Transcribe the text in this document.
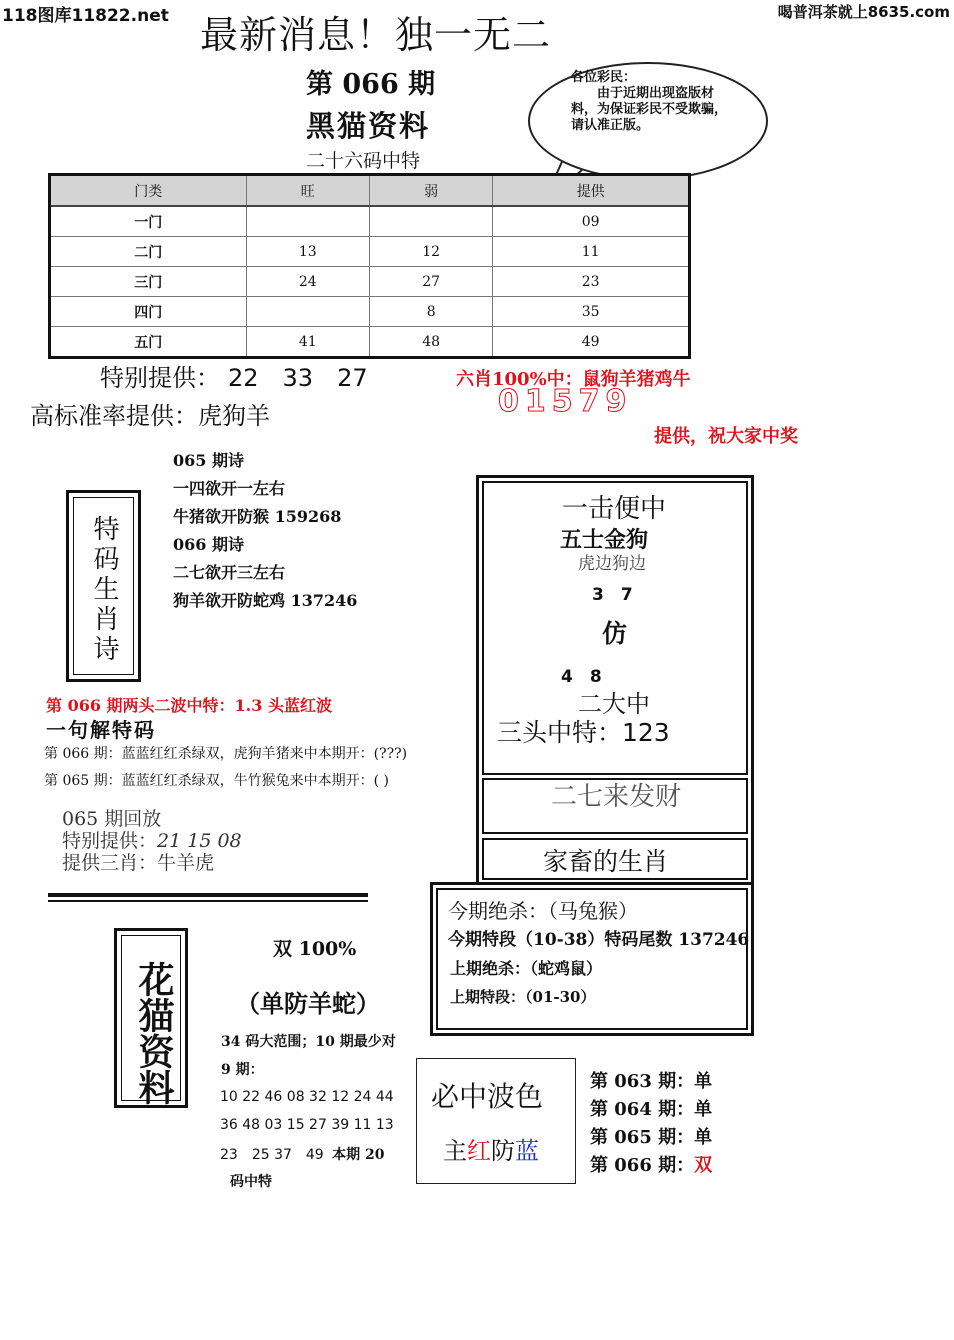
118图库11822.net	喝普洱茶就上8635.com
最新消息！独一无二
第 066 期
黑猫资料
二十六码中特
各位彩民：
由于近期出现盗版材料，为保证彩民不受欺骗，请认准正版。
门类	旺	弱	提供
一门			09
二门	13	12	11
三门	24	27	23
四门		8	35
五门	41	48	49
特别提供： 22　33　27
高标准率提供：虎狗羊
六肖100%中：鼠狗羊猪鸡牛
01579
提供，祝大家中奖
特码生肖诗
065 期诗
一四欲开一左右
牛猪欲开防猴 159268
066 期诗
二七欲开三左右
狗羊欲开防蛇鸡 137246
第 066 期两头二波中特：1.3 头蓝红波
一句解特码
第 066 期：蓝蓝红红杀绿双，虎狗羊猪来中本期开：(???)
第 065 期：蓝蓝红红杀绿双，牛竹猴兔来中本期开：( )
065 期回放
特别提供：21 15 08
提供三肖：牛羊虎
一击便中
五士金狗
虎边狗边
3　7
仿
4　8
二大中
三头中特：123
二七来发财
家畜的生肖
今期绝杀：（马兔猴）
今期特段（10-38）特码尾数 137246
上期绝杀：（蛇鸡鼠）
上期特段：（01-30）
花猫资料
双 100%
（单防羊蛇）
34 码大范围；10 期最少对
9 期：
10 22 46 08 32 12 24 44
36 48 03 15 27 39 11 13
23　25 37　49 本期 20
码中特
必中波色
主红防蓝
第 063 期：单
第 064 期：单
第 065 期：单
第 066 期：双
